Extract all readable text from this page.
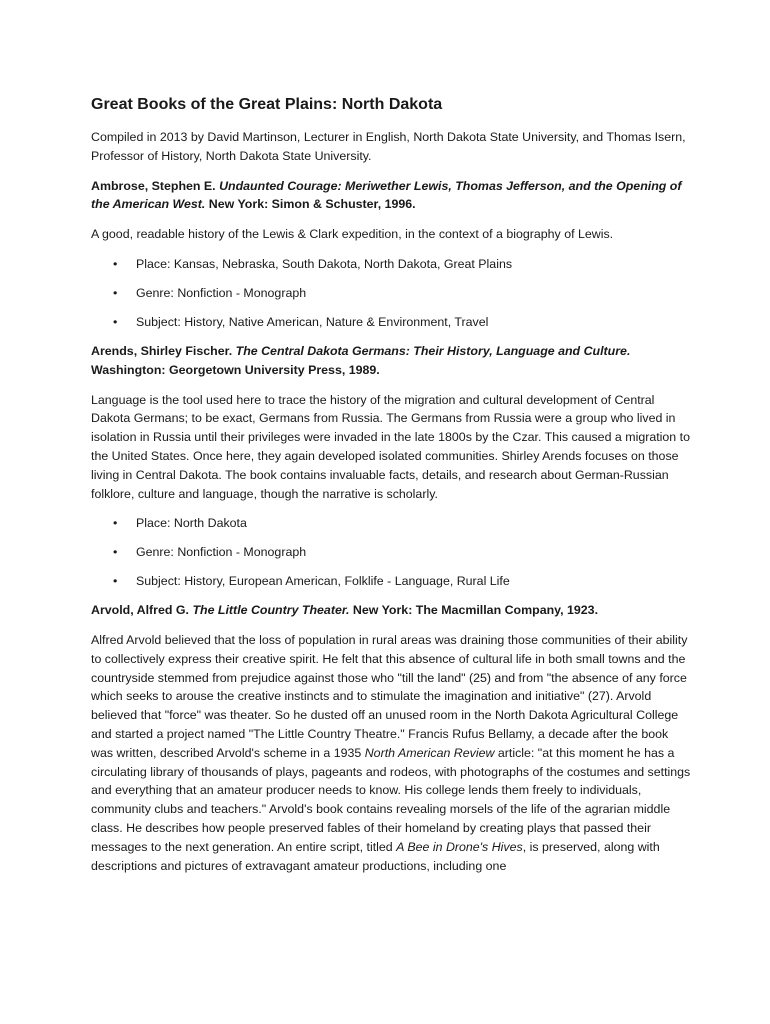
Great Books of the Great Plains: North Dakota

Compiled in 2013 by David Martinson, Lecturer in English, North Dakota State University, and Thomas Isern, Professor of History, North Dakota State University.

Ambrose, Stephen E. Undaunted Courage: Meriwether Lewis, Thomas Jefferson, and the Opening of the American West. New York: Simon & Schuster, 1996.

A good, readable history of the Lewis & Clark expedition, in the context of a biography of Lewis.

• Place: Kansas, Nebraska, South Dakota, North Dakota, Great Plains
• Genre: Nonfiction - Monograph
• Subject: History, Native American, Nature & Environment, Travel

Arends, Shirley Fischer. The Central Dakota Germans: Their History, Language and Culture. Washington: Georgetown University Press, 1989.

Language is the tool used here to trace the history of the migration and cultural development of Central Dakota Germans; to be exact, Germans from Russia. The Germans from Russia were a group who lived in isolation in Russia until their privileges were invaded in the late 1800s by the Czar. This caused a migration to the United States. Once here, they again developed isolated communities. Shirley Arends focuses on those living in Central Dakota. The book contains invaluable facts, details, and research about German-Russian folklore, culture and language, though the narrative is scholarly.

• Place: North Dakota
• Genre: Nonfiction - Monograph
• Subject: History, European American, Folklife - Language, Rural Life

Arvold, Alfred G. The Little Country Theater. New York: The Macmillan Company, 1923.

Alfred Arvold believed that the loss of population in rural areas was draining those communities of their ability to collectively express their creative spirit. He felt that this absence of cultural life in both small towns and the countryside stemmed from prejudice against those who "till the land" (25) and from "the absence of any force which seeks to arouse the creative instincts and to stimulate the imagination and initiative" (27). Arvold believed that "force" was theater. So he dusted off an unused room in the North Dakota Agricultural College and started a project named "The Little Country Theatre." Francis Rufus Bellamy, a decade after the book was written, described Arvold's scheme in a 1935 North American Review article: "at this moment he has a circulating library of thousands of plays, pageants and rodeos, with photographs of the costumes and settings and everything that an amateur producer needs to know. His college lends them freely to individuals, community clubs and teachers." Arvold's book contains revealing morsels of the life of the agrarian middle class. He describes how people preserved fables of their homeland by creating plays that passed their messages to the next generation. An entire script, titled A Bee in Drone's Hives, is preserved, along with descriptions and pictures of extravagant amateur productions, including one
